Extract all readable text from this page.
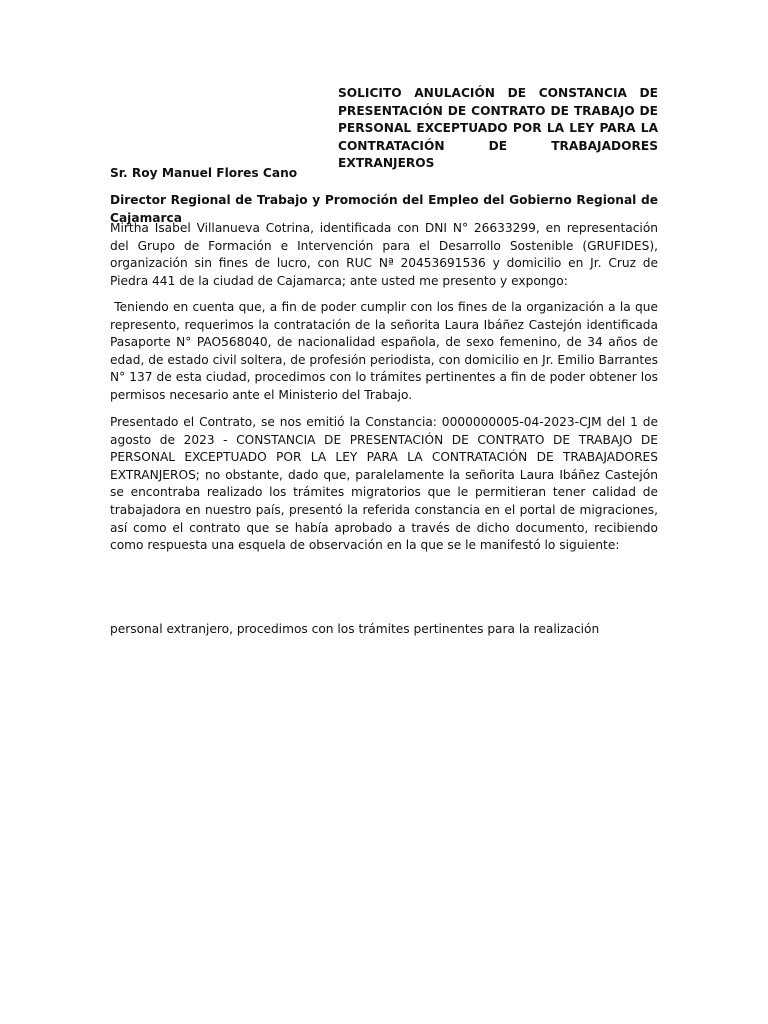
SOLICITO ANULACIÓN DE CONSTANCIA DE PRESENTACIÓN DE CONTRATO DE TRABAJO DE PERSONAL EXCEPTUADO POR LA LEY PARA LA CONTRATACIÓN DE TRABAJADORES EXTRANJEROS

Sr. Roy Manuel Flores Cano

Director Regional de Trabajo y Promoción del Empleo del Gobierno Regional de Cajamarca

Mirtha Isabel Villanueva Cotrina, identificada con DNI N° 26633299, en representación del Grupo de Formación e Intervención para el Desarrollo Sostenible (GRUFIDES), organización sin fines de lucro, con RUC Nª 20453691536 y domicilio en Jr. Cruz de Piedra 441 de la ciudad de Cajamarca; ante usted me presento y expongo:

Teniendo en cuenta que, a fin de poder cumplir con los fines de la organización a la que represento, requerimos la contratación de la señorita Laura Ibáñez Castejón identificada Pasaporte N° PAO568040, de nacionalidad española, de sexo femenino, de 34 años de edad, de estado civil soltera, de profesión periodista, con domicilio en Jr. Emilio Barrantes N° 137 de esta ciudad, procedimos con lo trámites pertinentes a fin de poder obtener los permisos necesario ante el Ministerio del Trabajo.

Presentado el Contrato, se nos emitió la Constancia: 0000000005-04-2023-CJM del 1 de agosto de 2023 - CONSTANCIA DE PRESENTACIÓN DE CONTRATO DE TRABAJO DE PERSONAL EXCEPTUADO POR LA LEY PARA LA CONTRATACIÓN DE TRABAJADORES EXTRANJEROS; no obstante, dado que, paralelamente la señorita Laura Ibáñez Castejón se encontraba realizado los trámites migratorios que le permitieran tener calidad de  trabajadora en nuestro país, presentó la referida constancia en el portal de migraciones, así como el contrato que se había aprobado a través de dicho documento, recibiendo como respuesta una esquela de observación en la que se le manifestó lo siguiente:

personal extranjero, procedimos con los trámites pertinentes para la realización
